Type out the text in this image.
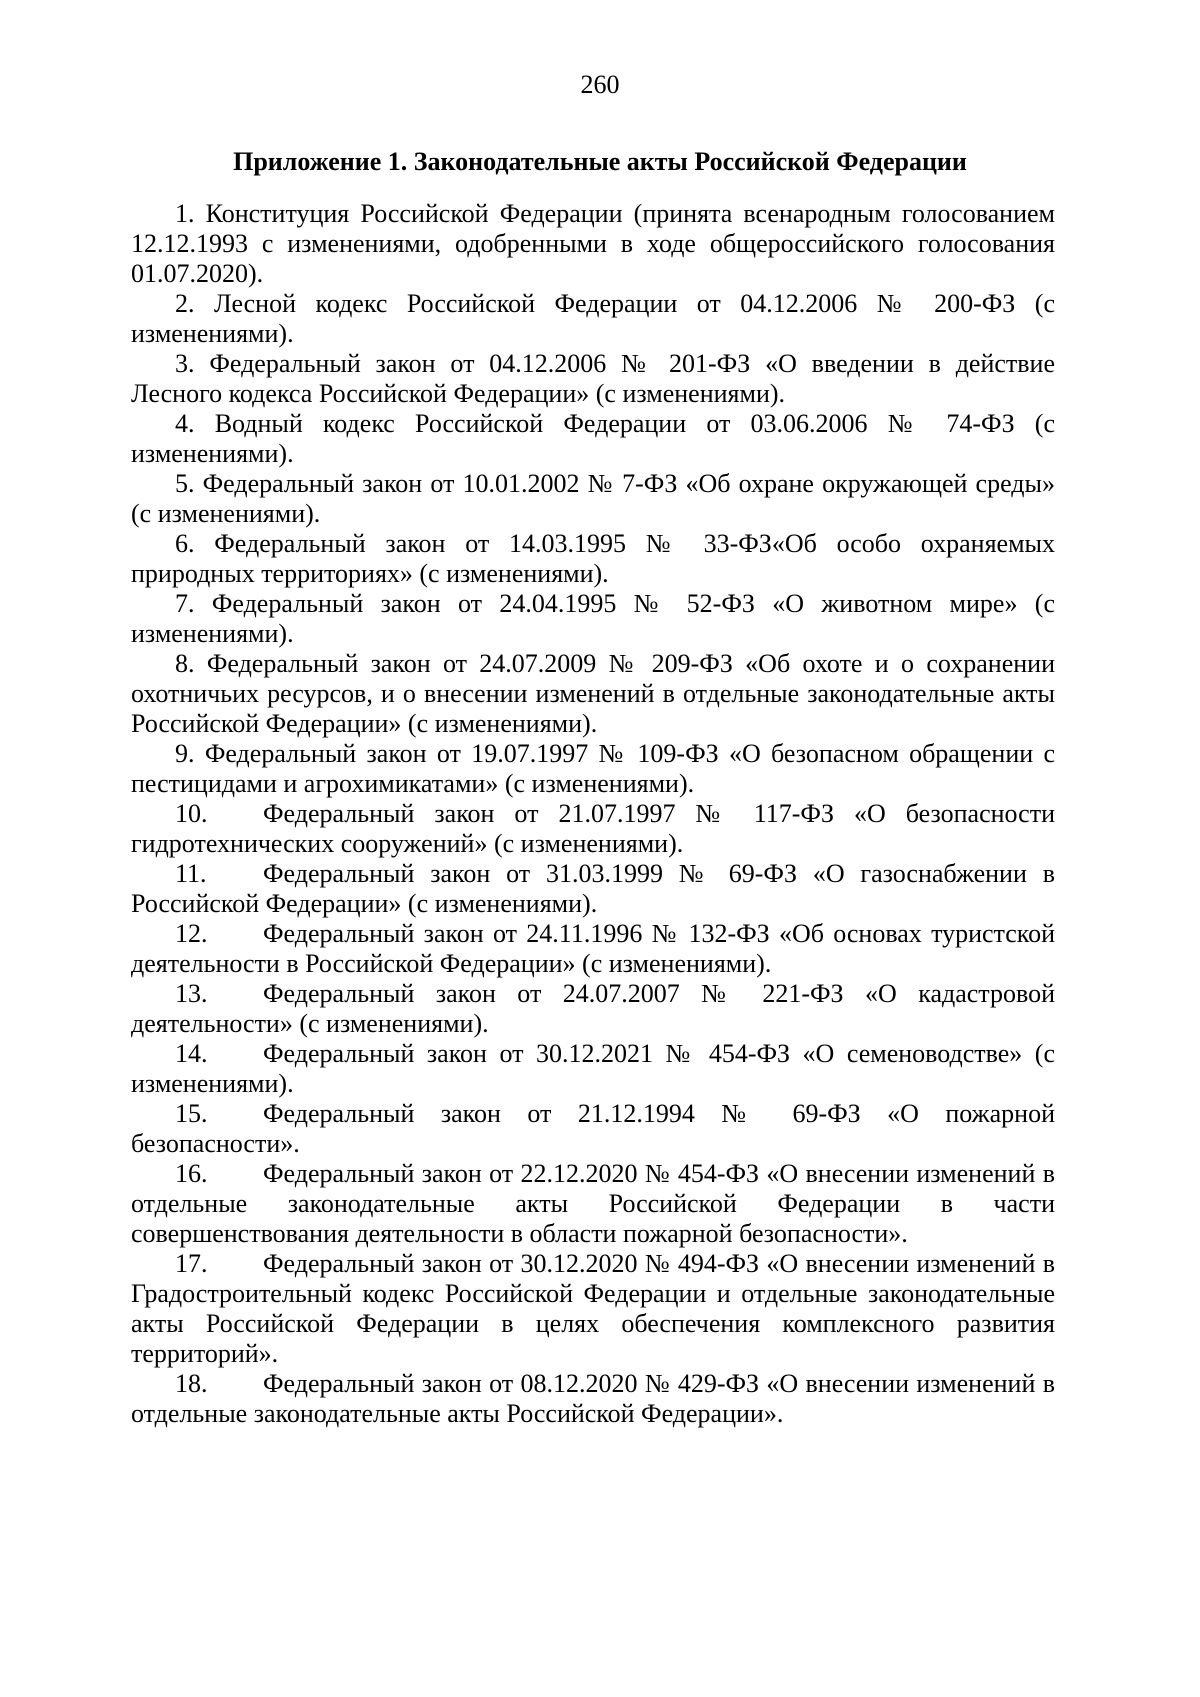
260
Приложение 1. Законодательные акты Российской Федерации

1. Конституция Российской Федерации (принята всенародным голосованием 12.12.1993 с изменениями, одобренными в ходе общероссийского голосования 01.07.2020).

2. Лесной кодекс Российской Федерации от 04.12.2006 № 200-ФЗ (с изменениями).

3. Федеральный закон от 04.12.2006 № 201-ФЗ «О введении в действие Лесного кодекса Российской Федерации» (с изменениями).

4. Водный кодекс Российской Федерации от 03.06.2006 № 74-ФЗ (с изменениями).

5. Федеральный закон от 10.01.2002 № 7-ФЗ «Об охране окружающей среды» (с изменениями).

6. Федеральный закон от 14.03.1995 № 33-ФЗ«Об особо охраняемых природных территориях» (с изменениями).

7. Федеральный закон от 24.04.1995 № 52-ФЗ «О животном мире» (с изменениями).

8. Федеральный закон от 24.07.2009 № 209-ФЗ «Об охоте и о сохранении охотничьих ресурсов, и о внесении изменений в отдельные законодательные акты Российской Федерации» (с изменениями).

9. Федеральный закон от 19.07.1997 № 109-ФЗ «О безопасном обращении с пестицидами и агрохимикатами» (с изменениями).

10. Федеральный закон от 21.07.1997 № 117-ФЗ «О безопасности гидротехнических сооружений» (с изменениями).

11. Федеральный закон от 31.03.1999 № 69-ФЗ «О газоснабжении в Российской Федерации» (с изменениями).

12. Федеральный закон от 24.11.1996 № 132-ФЗ «Об основах туристской деятельности в Российской Федерации» (с изменениями).

13. Федеральный закон от 24.07.2007 № 221-ФЗ «О кадастровой деятельности» (с изменениями).

14. Федеральный закон от 30.12.2021 № 454-ФЗ «О семеноводстве» (с изменениями).

15. Федеральный закон от 21.12.1994 № 69-ФЗ «О пожарной безопасности».

16. Федеральный закон от 22.12.2020 № 454-ФЗ «О внесении изменений в отдельные законодательные акты Российской Федерации в части совершенствования деятельности в области пожарной безопасности».

17. Федеральный закон от 30.12.2020 № 494-ФЗ «О внесении изменений в Градостроительный кодекс Российской Федерации и отдельные законодательные акты Российской Федерации в целях обеспечения комплексного развития территорий».

18. Федеральный закон от 08.12.2020 № 429-ФЗ «О внесении изменений в отдельные законодательные акты Российской Федерации».
